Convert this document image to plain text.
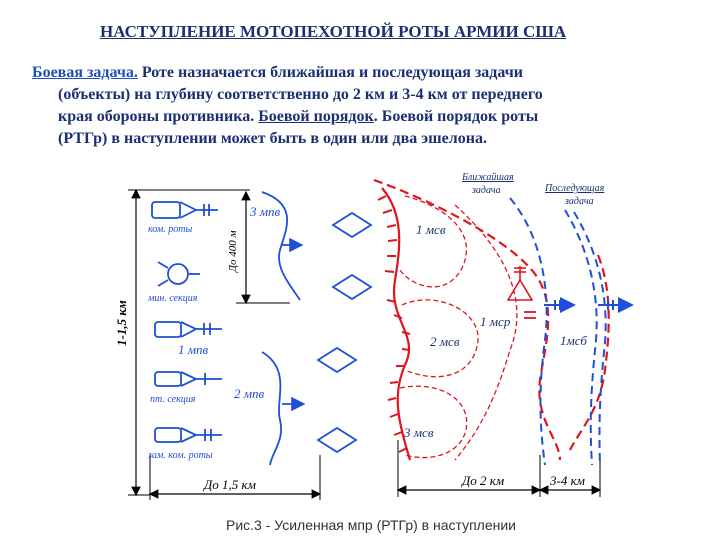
НАСТУПЛЕНИЕ МОТОПЕХОТНОЙ РОТЫ АРМИИ США
Боевая задача. Роте назначается ближайшая и последующая задачи
(объекты) на глубину соответственно до 2 км и 3-4 км от переднего
края обороны противника. Боевой порядок. Боевой порядок роты
(РТГр) в наступлении может быть в один или два эшелона.
1-1,5 км
До 400 м
До 1,5 км	До 2 км	3-4 км
ком. роты
мин. секция
1 мпв
пт. секция
зам. ком. роты
2 мпв
3 мпв
1 мсв
2 мсв
3 мсв
1 мср
1мсб
Ближайшая
задача	Последующая
задача
Рис.3 - Усиленная мпр (РТГр) в наступлении
